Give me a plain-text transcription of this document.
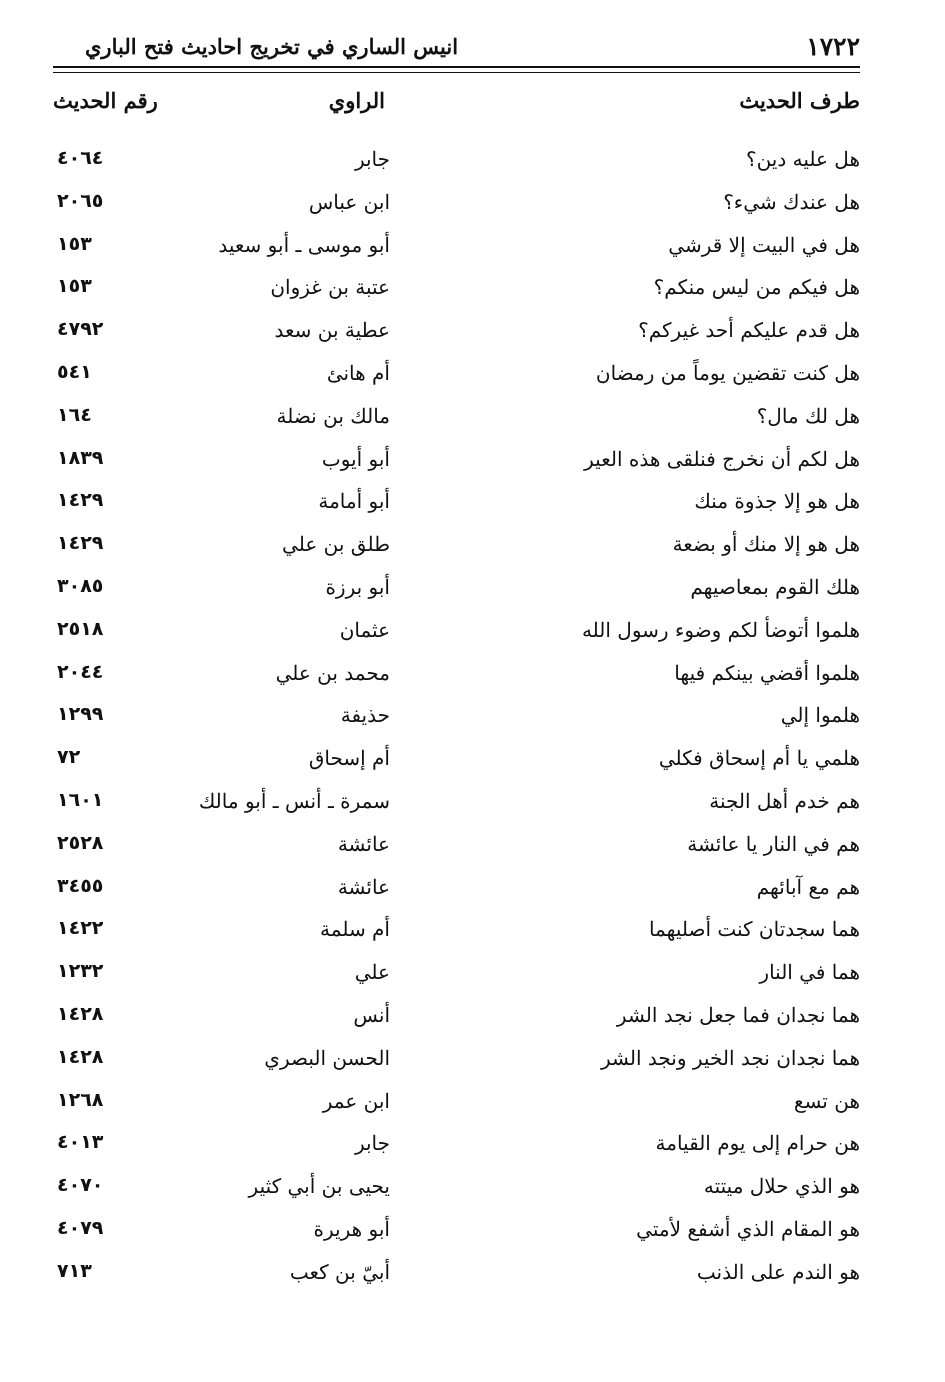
١٧٢٢
انيس الساري في تخريج احاديث فتح الباري
طرف الحديث
الراوي
رقم الحديث
هل عليه دين؟
جابر
٤٠٦٤
هل عندك شيء؟
ابن عباس
٢٠٦٥
هل في البيت إلا قرشي
أبو موسى ـ أبو سعيد
١٥٣
هل فيكم من ليس منكم؟
عتبة بن غزوان
١٥٣
هل قدم عليكم أحد غيركم؟
عطية بن سعد
٤٧٩٢
هل كنت تقضين يوماً من رمضان
أم هانئ
٥٤١
هل لك مال؟
مالك بن نضلة
١٦٤
هل لكم أن نخرج فنلقى هذه العير
أبو أيوب
١٨٣٩
هل هو إلا جذوة منك
أبو أمامة
١٤٢٩
هل هو إلا منك أو بضعة
طلق بن علي
١٤٢٩
هلك القوم بمعاصيهم
أبو برزة
٣٠٨٥
هلموا أتوضأ لكم وضوء رسول الله
عثمان
٢٥١٨
هلموا أقضي بينكم فيها
محمد بن علي
٢٠٤٤
هلموا إلي
حذيفة
١٢٩٩
هلمي يا أم إسحاق فكلي
أم إسحاق
٧٢
هم خدم أهل الجنة
سمرة ـ أنس ـ أبو مالك
١٦٠١
هم في النار يا عائشة
عائشة
٢٥٢٨
هم مع آبائهم
عائشة
٣٤٥٥
هما سجدتان كنت أصليهما
أم سلمة
١٤٢٢
هما في النار
علي
١٢٣٢
هما نجدان فما جعل نجد الشر
أنس
١٤٢٨
هما نجدان نجد الخير ونجد الشر
الحسن البصري
١٤٢٨
هن تسع
ابن عمر
١٢٦٨
هن حرام إلى يوم القيامة
جابر
٤٠١٣
هو الذي حلال ميتته
يحيى بن أبي كثير
٤٠٧٠
هو المقام الذي أشفع لأمتي
أبو هريرة
٤٠٧٩
هو الندم على الذنب
أبيّ بن كعب
٧١٣
